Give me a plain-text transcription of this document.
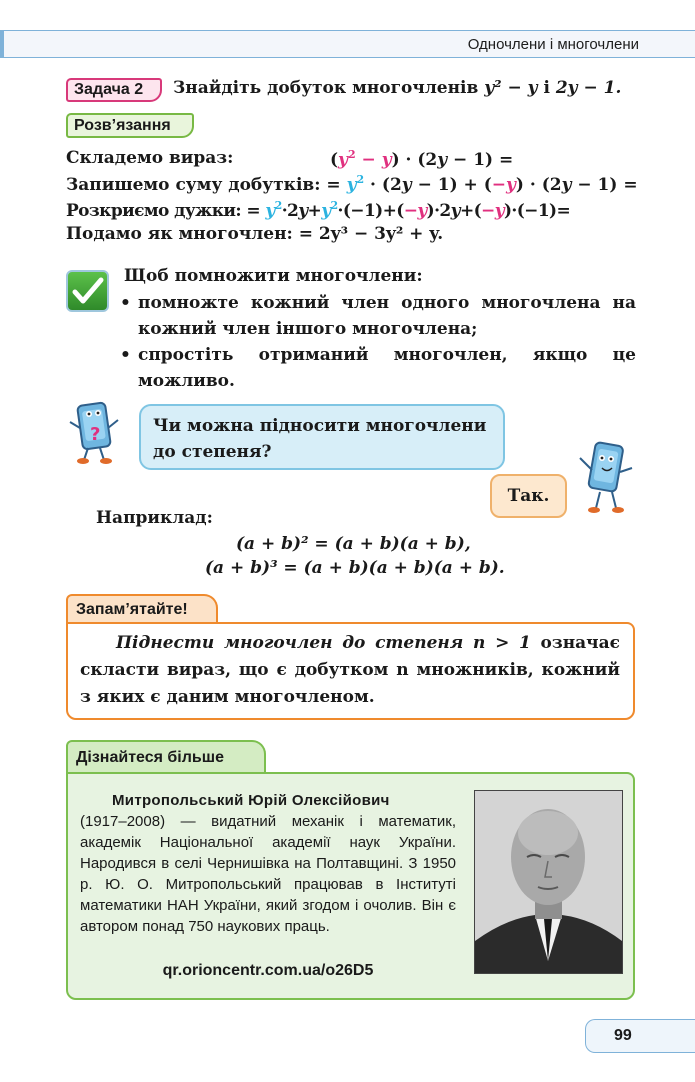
Одночлени і многочлени
Задача 2	Знайдіть добуток многочленів y² − y і 2y − 1.
Розв’язання
Складемо вираз:	$(y^2 - y) \cdot (2y - 1)$ =
Запишемо суму добутків: = $y^2 \cdot (2y - 1) + (-y) \cdot (2y - 1)$ =
Розкриємо дужки: = $y^2\cdot 2y+y^2\cdot(-1)+(-y)\cdot 2y+(-y)\cdot(-1)=$
Подамо як многочлен: = 2y³ − 3y² + y.
Щоб помножити многочлени:
• помножте кожний член одного многочлена на кожний член іншого многочлена;
• спростіть отриманий многочлен, якщо це можливо.
?	Чи можна підносити многочлени до степеня?
Так.
Наприклад:
(a + b)² = (a + b)(a + b),
(a + b)³ = (a + b)(a + b)(a + b).
Запам’ятайте!
Піднести многочлен до степеня n > 1 означає скласти вираз, що є добутком n множників, кожний з яких є даним многочленом.
Дізнайтеся більше
Митропольський Юрій Олексійович
(1917–2008) — видатний механік і математик, академік Національної академії наук України. Народився в селі Чернишівка на Полтавщині. З 1950 р. Ю. О. Митропольський працював в Інституті математики НАН України, який згодом і очолив. Він є автором понад 750 наукових праць.
qr.orioncentr.com.ua/o26D5
99
